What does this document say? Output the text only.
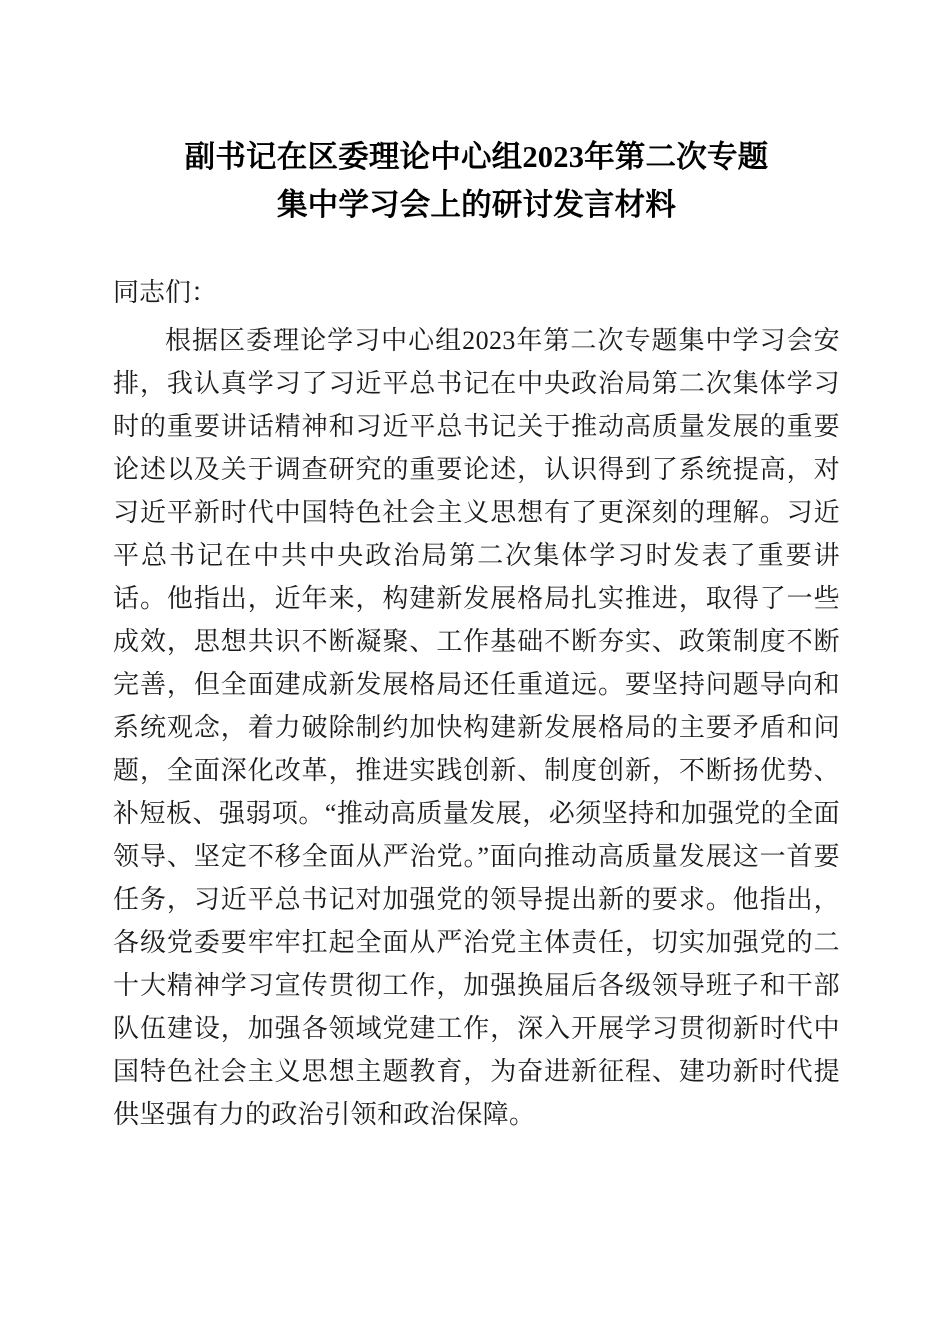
副书记在区委理论中心组2023年第二次专题
集中学习会上的研讨发言材料

同志们：

根据区委理论学习中心组2023年第二次专题集中学习会安排，我认真学习了习近平总书记在中央政治局第二次集体学习时的重要讲话精神和习近平总书记关于推动高质量发展的重要论述以及关于调查研究的重要论述，认识得到了系统提高，对习近平新时代中国特色社会主义思想有了更深刻的理解。习近平总书记在中共中央政治局第二次集体学习时发表了重要讲话。他指出，近年来，构建新发展格局扎实推进，取得了一些成效，思想共识不断凝聚、工作基础不断夯实、政策制度不断完善，但全面建成新发展格局还任重道远。要坚持问题导向和系统观念，着力破除制约加快构建新发展格局的主要矛盾和问题，全面深化改革，推进实践创新、制度创新，不断扬优势、补短板、强弱项。“推动高质量发展，必须坚持和加强党的全面领导、坚定不移全面从严治党。”面向推动高质量发展这一首要任务，习近平总书记对加强党的领导提出新的要求。他指出，各级党委要牢牢扛起全面从严治党主体责任，切实加强党的二十大精神学习宣传贯彻工作，加强换届后各级领导班子和干部队伍建设，加强各领域党建工作，深入开展学习贯彻新时代中国特色社会主义思想主题教育，为奋进新征程、建功新时代提供坚强有力的政治引领和政治保障。
